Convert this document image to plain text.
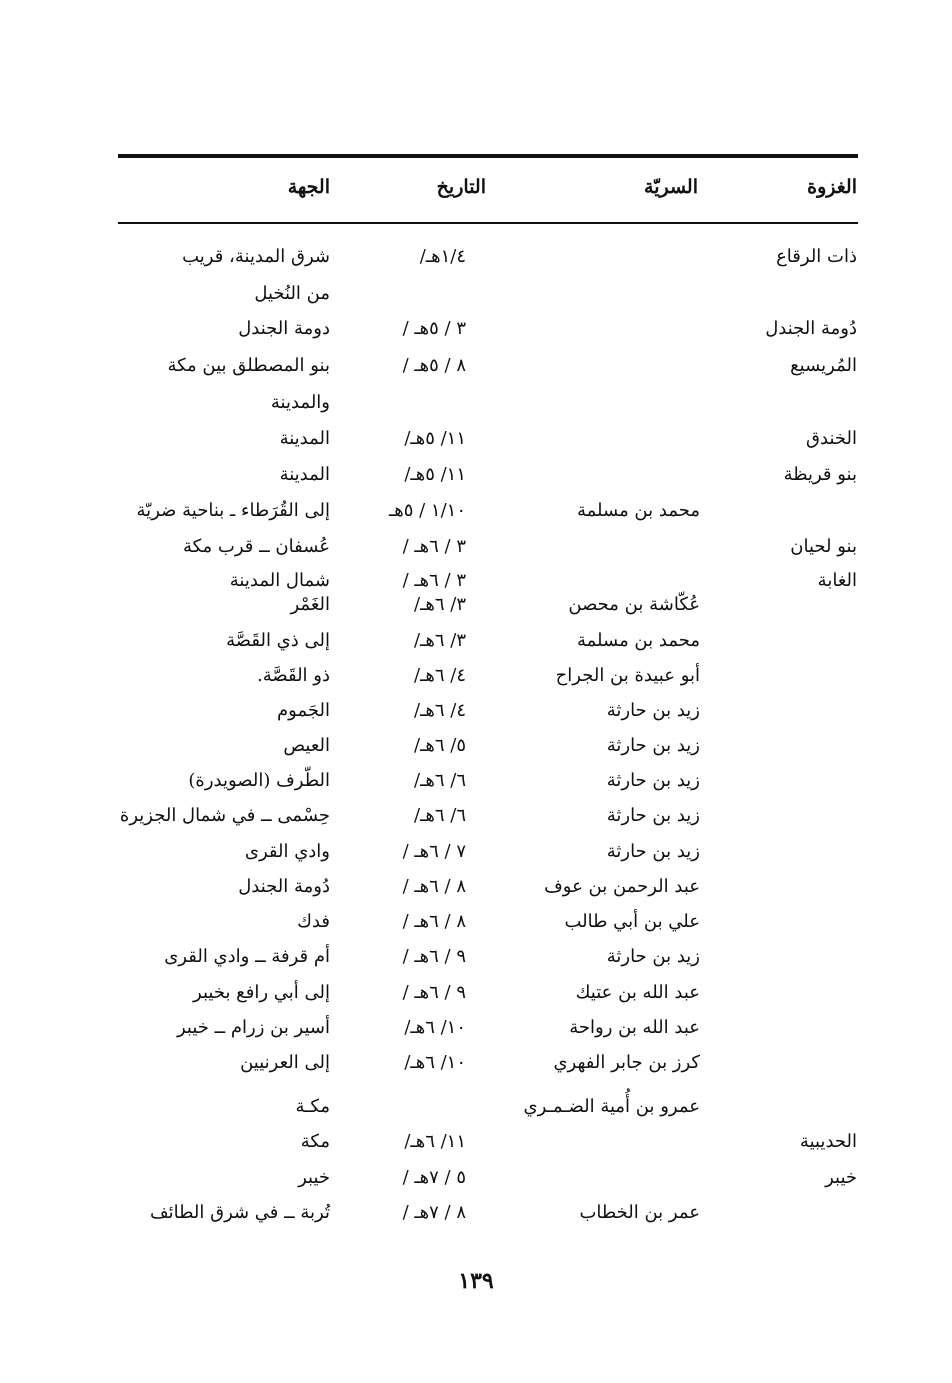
الغزوة
السريّة
التاريخ
الجهة
ذات الرقاع
/١/٤هـ
شرق المدينة، قريب
من النُخيل
دُومة الجندل
/ ٣ / ٥هـ
دومة الجندل
المُريسيع
/ ٨ / ٥هـ
بنو المصطلق بين مكة
والمدينة
الخندق
/١١/ ٥هـ
المدينة
بنو قريظة
/١١/ ٥هـ
المدينة
محمد بن مسلمة
١/١٠ / ٥هـ
إلى القُرَطاء ـ بناحية ضريّة
بنو لحيان
/ ٣ / ٦هـ
عُسفان ــ قرب مكة
الغابة
/ ٣ / ٦هـ
شمال المدينة
عُكّاشة بن محصن
/٣/ ٦هـ
الغَمْر
محمد بن مسلمة
/٣/ ٦هـ
إلى ذي القَصَّة
أبو عبيدة بن الجراح
/٤/ ٦هـ
ذو القَصَّة.
زيد بن حارثة
/٤/ ٦هـ
الجَموم
زيد بن حارثة
/٥/ ٦هـ
العيص
زيد بن حارثة
/٦/ ٦هـ
الطّرف (الصويدرة)
زيد بن حارثة
/٦/ ٦هـ
حِسْمى ــ في شمال الجزيرة
زيد بن حارثة
/ ٧ / ٦هـ
وادي القرى
عبد الرحمن بن عوف
/ ٨ / ٦هـ
دُومة الجندل
علي بن أبي طالب
/ ٨ / ٦هـ
فدك
زيد بن حارثة
/ ٩ / ٦هـ
أم قرفة ــ وادي القرى
عبد الله بن عتيك
/ ٩ / ٦هـ
إلى أبي رافع بخيبر
عبد الله بن رواحة
/١٠/ ٦هـ
أسير بن زرام ــ خيبر
كرز بن جابر الفهري
/١٠/ ٦هـ
إلى العرنيين
عمرو بن أُمية الضـمـري
مكـة
الحديبية
/١١/ ٦هـ
مكة
خيبر
/ ٥ / ٧هـ
خيبر
عمر بن الخطاب
/ ٨ / ٧هـ
تُربة ــ في شرق الطائف
١٣٩
